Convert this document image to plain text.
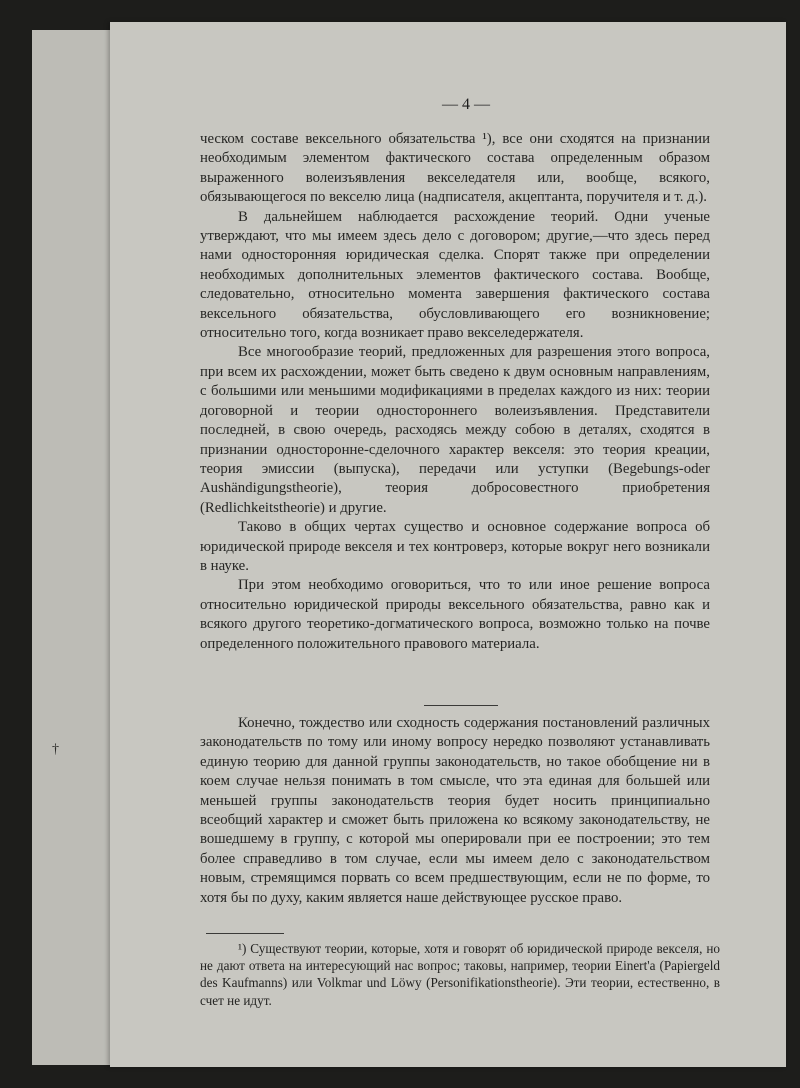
†
— 4 —

ческом составе вексельного обязательства ¹), все они сходятся на признании необходимым элементом фактического состава определенным образом выраженного волеизъявления векселедателя или, вообще, всякого, обязывающегося по векселю лица (надписателя, акцептанта, поручителя и т. д.).

В дальнейшем наблюдается расхождение теорий. Одни ученые утверждают, что мы имеем здесь дело с договором; другие,—что здесь перед нами односторонняя юридическая сделка. Спорят также при определении необходимых дополнительных элементов фактического состава. Вообще, следовательно, относительно момента завершения фактического состава вексельного обязательства, обусловливающего его возникновение; относительно того, когда возникает право векселедержателя.

Все многообразие теорий, предложенных для разрешения этого вопроса, при всем их расхождении, может быть сведено к двум основным направлениям, с большими или меньшими модификациями в пределах каждого из них: теории договорной и теории одностороннего волеизъявления. Представители последней, в свою очередь, расходясь между собою в деталях, сходятся в признании односторонне-сделочного характер векселя: это теория креации, теория эмиссии (выпуска), передачи или уступки (Begebungs-oder Aushändigungstheorie), теория добросовестного приобретения (Redlichkeitstheorie) и другие.

Таково в общих чертах существо и основное содержание вопроса об юридической природе векселя и тех контроверз, которые вокруг него возникали в науке.

При этом необходимо оговориться, что то или иное решение вопроса относительно юридической природы вексельного обязательства, равно как и всякого другого теоретико-догматического вопроса, возможно только на почве определенного положительного правового материала.

Конечно, тождество или сходность содержания постановлений различных законодательств по тому или иному вопросу нередко позволяют устанавливать единую теорию для данной группы законодательств, но такое обобщение ни в коем случае нельзя понимать в том смысле, что эта единая для большей или меньшей группы законодательств теория будет носить принципиально всеобщий характер и сможет быть приложена ко всякому законодательству, не вошедшему в группу, с которой мы оперировали при ее построении; это тем более справедливо в том случае, если мы имеем дело с законодательством новым, стремящимся порвать со всем предшествующим, если не по форме, то хотя бы по духу, каким является наше действующее русское право.

¹) Существуют теории, которые, хотя и говорят об юридической природе векселя, но не дают ответа на интересующий нас вопрос; таковы, например, теории Einert'a (Papiergeld des Kaufmanns) или Volkmar und Löwy (Personifikationstheorie). Эти теории, естественно, в счет не идут.
